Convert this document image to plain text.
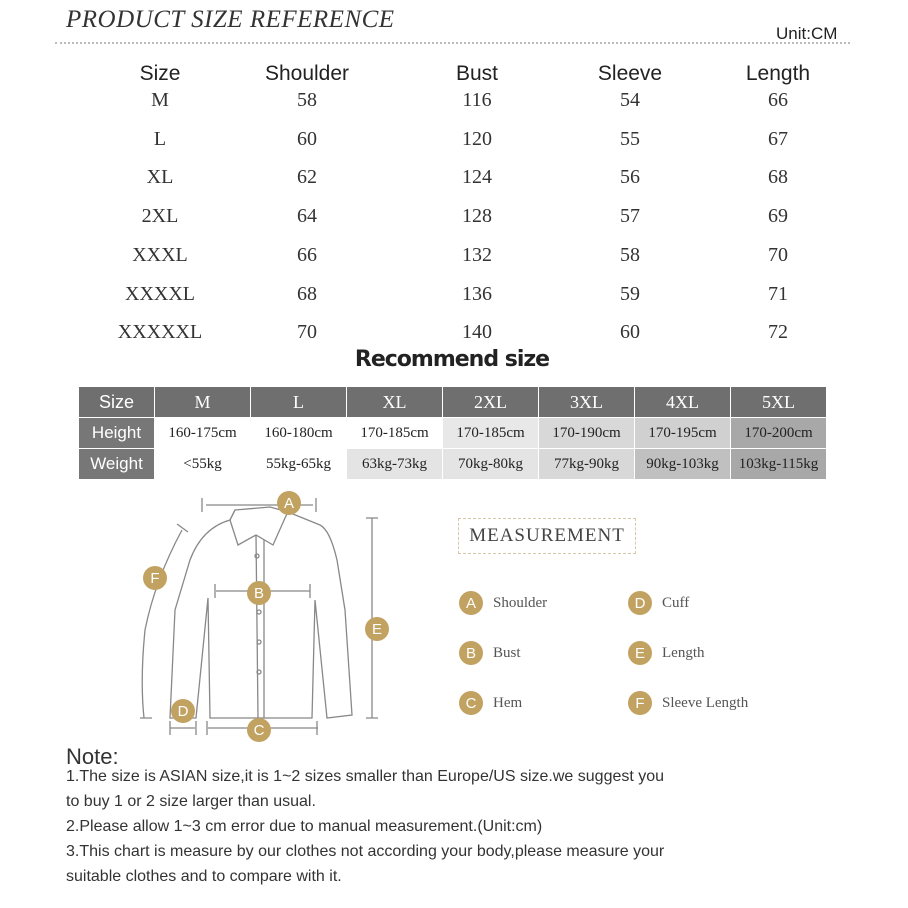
PRODUCT SIZE REFERENCE
Unit:CM
Size	Shoulder	Bust	Sleeve	Length
M	58	116	54	66
L	60	120	55	67
XL	62	124	56	68
2XL	64	128	57	69
XXXL	66	132	58	70
XXXXL	68	136	59	71
XXXXXL	70	140	60	72
Recommend size
Size	M	L	XL	2XL	3XL	4XL	5XL
Height	160-175cm	160-180cm	170-185cm	170-185cm	170-190cm	170-195cm	170-200cm
Weight	<55kg	55kg-65kg	63kg-73kg	70kg-80kg	77kg-90kg	90kg-103kg	103kg-115kg
A
B
C
D
E
F
MEASUREMENT
A	Shoulder
B	Bust
C	Hem
D	Cuff
E	Length
F	Sleeve Length
Note:
1.The size is ASIAN size,it is 1~2 sizes smaller than Europe/US size.we suggest you
to buy 1 or 2 size larger than usual.
2.Please allow 1~3 cm error due to manual measurement.(Unit:cm)
3.This chart is measure by our clothes not according your body,please measure your
suitable clothes and to compare with it.
